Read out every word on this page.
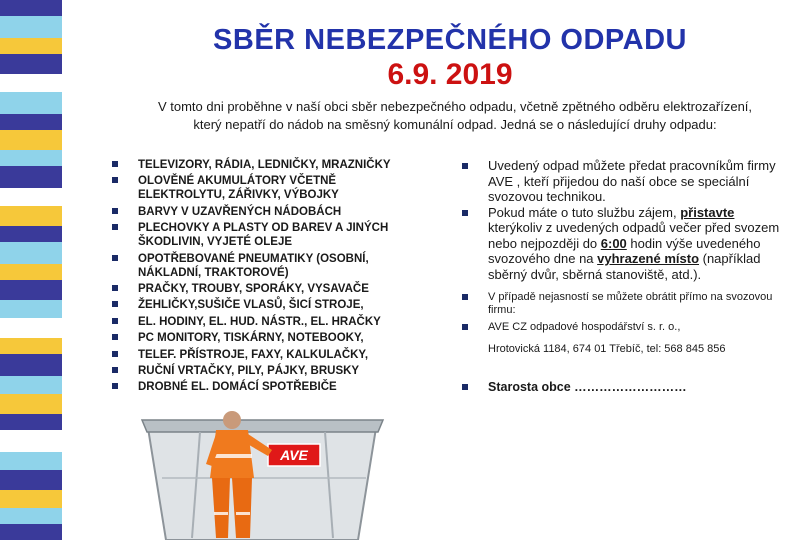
SBĚR NEBEZPEČNÉHO ODPADU
6.9. 2019
V tomto dni proběhne v naší obci sběr nebezpečného odpadu, včetně zpětného odběru elektrozařízení,
který nepatří do nádob na směsný komunální odpad. Jedná se o následující druhy odpadu:
TELEVIZORY, RÁDIA, LEDNIČKY, MRAZNIČKY
OLOVĚNÉ AKUMULÁTORY VČETNĚ ELEKTROLYTU, ZÁŘIVKY, VÝBOJKY
BARVY V UZAVŘENÝCH NÁDOBÁCH
PLECHOVKY A PLASTY OD BAREV A JINÝCH ŠKODLIVIN, VYJETÉ OLEJE
OPOTŘEBOVANÉ PNEUMATIKY (OSOBNÍ, NÁKLADNÍ, TRAKTOROVÉ)
PRAČKY, TROUBY, SPORÁKY, VYSAVAČE
ŽEHLIČKY,SUŠIČE VLASŮ, ŠICÍ STROJE,
EL. HODINY, EL. HUD. NÁSTR., EL. HRAČKY
PC MONITORY, TISKÁRNY, NOTEBOOKY,
TELEF. PŘÍSTROJE, FAXY, KALKULAČKY,
RUČNÍ VRTAČKY, PILY, PÁJKY, BRUSKY
DROBNÉ EL. DOMÁCÍ SPOTŘEBIČE
Uvedený odpad můžete předat pracovníkům firmy AVE , kteří přijedou do naší obce se speciální svozovou technikou.
Pokud máte o tuto službu zájem, přistavte kterýkoliv z uvedených odpadů večer před svozem nebo nejpozději do 6:00 hodin výše uvedeného svozového dne na vyhrazené místo (například sběrný dvůr, sběrná stanoviště, atd.).
V případě nejasností se můžete obrátit přímo na svozovou firmu:
AVE CZ odpadové hospodářství s. r. o.,
Hrotovická 1184, 674 01 Třebíč, tel: 568 845 856
Starosta obce ………………………
AVE
